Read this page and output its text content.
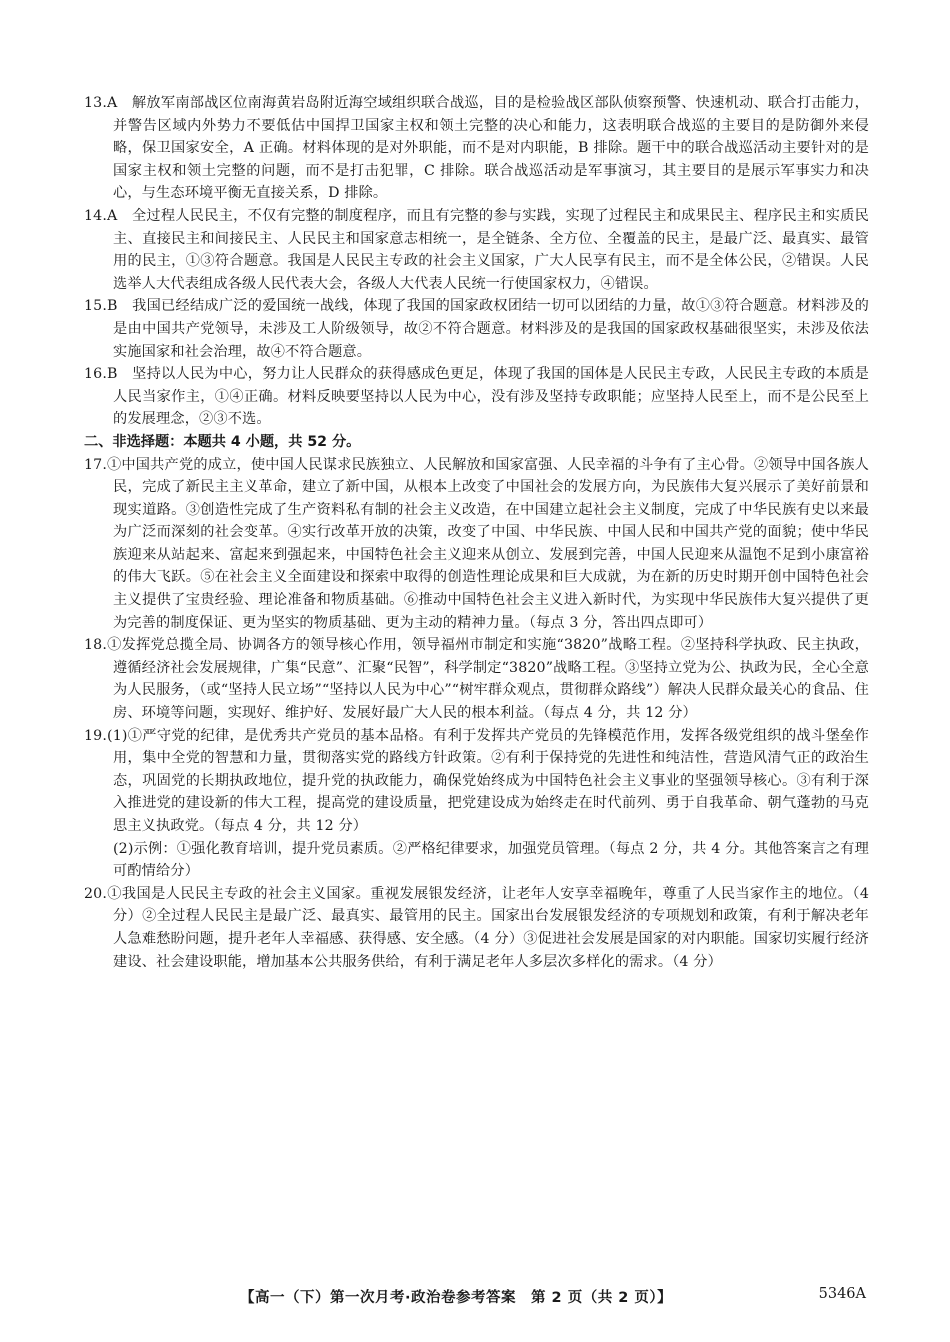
13.A　解放军南部战区位南海黄岩岛附近海空域组织联合战巡，目的是检验战区部队侦察预警、快速机动、联合打击能力，并警告区域内外势力不要低估中国捍卫国家主权和领土完整的决心和能力，这表明联合战巡的主要目的是防御外来侵略，保卫国家安全，A 正确。材料体现的是对外职能，而不是对内职能，B 排除。题干中的联合战巡活动主要针对的是国家主权和领土完整的问题，而不是打击犯罪，C 排除。联合战巡活动是军事演习，其主要目的是展示军事实力和决心，与生态环境平衡无直接关系，D 排除。

14.A　全过程人民民主，不仅有完整的制度程序，而且有完整的参与实践，实现了过程民主和成果民主、程序民主和实质民主、直接民主和间接民主、人民民主和国家意志相统一，是全链条、全方位、全覆盖的民主，是最广泛、最真实、最管用的民主，①③符合题意。我国是人民民主专政的社会主义国家，广大人民享有民主，而不是全体公民，②错误。人民选举人大代表组成各级人民代表大会，各级人大代表人民统一行使国家权力，④错误。

15.B　我国已经结成广泛的爱国统一战线，体现了我国的国家政权团结一切可以团结的力量，故①③符合题意。材料涉及的是由中国共产党领导，未涉及工人阶级领导，故②不符合题意。材料涉及的是我国的国家政权基础很坚实，未涉及依法实施国家和社会治理，故④不符合题意。

16.B　坚持以人民为中心，努力让人民群众的获得感成色更足，体现了我国的国体是人民民主专政，人民民主专政的本质是人民当家作主，①④正确。材料反映要坚持以人民为中心，没有涉及坚持专政职能；应坚持人民至上，而不是公民至上的发展理念，②③不选。

二、非选择题：本题共 4 小题，共 52 分。

17.①中国共产党的成立，使中国人民谋求民族独立、人民解放和国家富强、人民幸福的斗争有了主心骨。②领导中国各族人民，完成了新民主主义革命，建立了新中国，从根本上改变了中国社会的发展方向，为民族伟大复兴展示了美好前景和现实道路。③创造性完成了生产资料私有制的社会主义改造，在中国建立起社会主义制度，完成了中华民族有史以来最为广泛而深刻的社会变革。④实行改革开放的决策，改变了中国、中华民族、中国人民和中国共产党的面貌；使中华民族迎来从站起来、富起来到强起来，中国特色社会主义迎来从创立、发展到完善，中国人民迎来从温饱不足到小康富裕的伟大飞跃。⑤在社会主义全面建设和探索中取得的创造性理论成果和巨大成就，为在新的历史时期开创中国特色社会主义提供了宝贵经验、理论准备和物质基础。⑥推动中国特色社会主义进入新时代，为实现中华民族伟大复兴提供了更为完善的制度保证、更为坚实的物质基础、更为主动的精神力量。（每点 3 分，答出四点即可）

18.①发挥党总揽全局、协调各方的领导核心作用，领导福州市制定和实施“3820”战略工程。②坚持科学执政、民主执政，遵循经济社会发展规律，广集“民意”、汇聚“民智”，科学制定“3820”战略工程。③坚持立党为公、执政为民，全心全意为人民服务，（或“坚持人民立场”“坚持以人民为中心”“树牢群众观点，贯彻群众路线”）解决人民群众最关心的食品、住房、环境等问题，实现好、维护好、发展好最广大人民的根本利益。（每点 4 分，共 12 分）

19.(1)①严守党的纪律，是优秀共产党员的基本品格。有利于发挥共产党员的先锋模范作用，发挥各级党组织的战斗堡垒作用，集中全党的智慧和力量，贯彻落实党的路线方针政策。②有利于保持党的先进性和纯洁性，营造风清气正的政治生态，巩固党的长期执政地位，提升党的执政能力，确保党始终成为中国特色社会主义事业的坚强领导核心。③有利于深入推进党的建设新的伟大工程，提高党的建设质量，把党建设成为始终走在时代前列、勇于自我革命、朝气蓬勃的马克思主义执政党。（每点 4 分，共 12 分）

(2)示例：①强化教育培训，提升党员素质。②严格纪律要求，加强党员管理。（每点 2 分，共 4 分。其他答案言之有理可酌情给分）

20.①我国是人民民主专政的社会主义国家。重视发展银发经济，让老年人安享幸福晚年，尊重了人民当家作主的地位。（4 分）②全过程人民民主是最广泛、最真实、最管用的民主。国家出台发展银发经济的专项规划和政策，有利于解决老年人急难愁盼问题，提升老年人幸福感、获得感、安全感。（4 分）③促进社会发展是国家的对内职能。国家切实履行经济建设、社会建设职能，增加基本公共服务供给，有利于满足老年人多层次多样化的需求。（4 分）

【高一（下）第一次月考·政治卷参考答案　第 2 页（共 2 页）】	5346A
